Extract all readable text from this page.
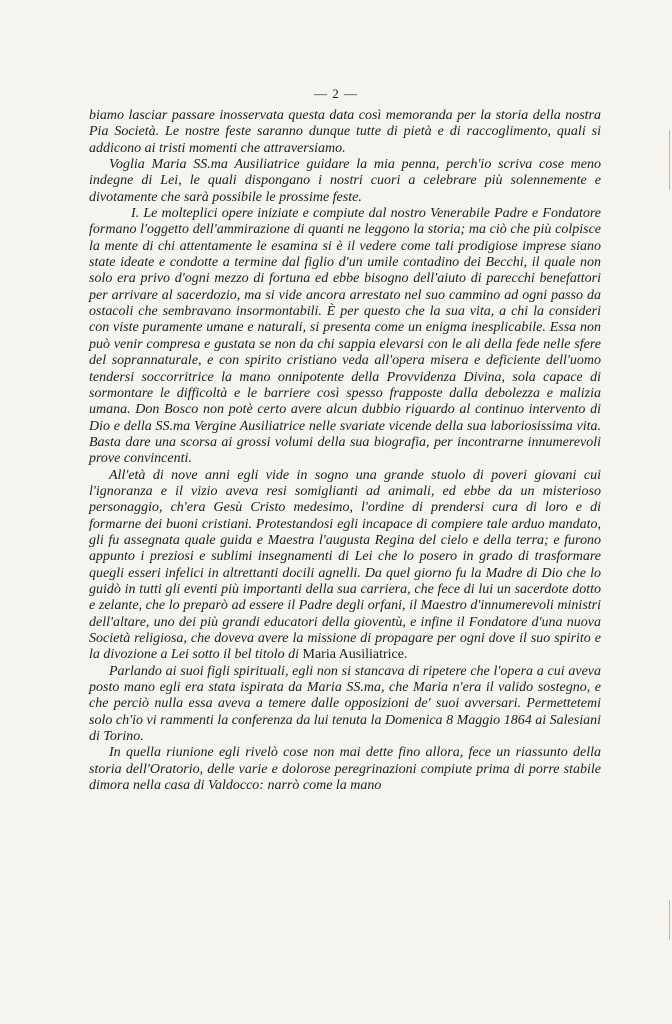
— 2 —

biamo lasciar passare inosservata questa data così memoranda per la storia della nostra Pia Società. Le nostre feste saranno dunque tutte di pietà e di raccoglimento, quali si addicono ai tristi momenti che attraversiamo.

Voglia Maria SS.ma Ausiliatrice guidare la mia penna, perch'io scriva cose meno indegne di Lei, le quali dispongano i nostri cuori a celebrare più solennemente e divotamente che sarà possibile le prossime feste.

I. Le molteplici opere iniziate e compiute dal nostro Venerabile Padre e Fondatore formano l'oggetto dell'ammirazione di quanti ne leggono la storia; ma ciò che più colpisce la mente di chi attentamente le esamina si è il vedere come tali prodigiose imprese siano state ideate e condotte a termine dal figlio d'un umile contadino dei Becchi, il quale non solo era privo d'ogni mezzo di fortuna ed ebbe bisogno dell'aiuto di parecchi benefattori per arrivare al sacerdozio, ma si vide ancora arrestato nel suo cammino ad ogni passo da ostacoli che sembravano insormontabili. È per questo che la sua vita, a chi la consideri con viste puramente umane e naturali, si presenta come un enigma inesplicabile. Essa non può venir compresa e gustata se non da chi sappia elevarsi con le ali della fede nelle sfere del soprannaturale, e con spirito cristiano veda all'opera misera e deficiente dell'uomo tendersi soccorritrice la mano onnipotente della Provvidenza Divina, sola capace di sormontare le difficoltà e le barriere così spesso frapposte dalla debolezza e malizia umana. Don Bosco non potè certo avere alcun dubbio riguardo al continuo intervento di Dio e della SS.ma Vergine Ausiliatrice nelle svariate vicende della sua laboriosissima vita. Basta dare una scorsa ai grossi volumi della sua biografia, per incontrarne innumerevoli prove convincenti.

All'età di nove anni egli vide in sogno una grande stuolo di poveri giovani cui l'ignoranza e il vizio aveva resi somiglianti ad animali, ed ebbe da un misterioso personaggio, ch'era Gesù Cristo medesimo, l'ordine di prendersi cura di loro e di formarne dei buoni cristiani. Protestandosi egli incapace di compiere tale arduo mandato, gli fu assegnata quale guida e Maestra l'augusta Regina del cielo e della terra; e furono appunto i preziosi e sublimi insegnamenti di Lei che lo posero in grado di trasformare quegli esseri infelici in altrettanti docili agnelli. Da quel giorno fu la Madre di Dio che lo guidò in tutti gli eventi più importanti della sua carriera, che fece di lui un sacerdote dotto e zelante, che lo preparò ad essere il Padre degli orfani, il Maestro d'innumerevoli ministri dell'altare, uno dei più grandi educatori della gioventù, e infine il Fondatore d'una nuova Società religiosa, che doveva avere la missione di propagare per ogni dove il suo spirito e la divozione a Lei sotto il bel titolo di Maria Ausiliatrice.

Parlando ai suoi figli spirituali, egli non si stancava di ripetere che l'opera a cui aveva posto mano egli era stata ispirata da Maria SS.ma, che Maria n'era il valido sostegno, e che perciò nulla essa aveva a temere dalle opposizioni de' suoi avversari. Permettetemi solo ch'io vi rammenti la conferenza da lui tenuta la Domenica 8 Maggio 1864 ai Salesiani di Torino.

In quella riunione egli rivelò cose non mai dette fino allora, fece un riassunto della storia dell'Oratorio, delle varie e dolorose peregrinazioni compiute prima di porre stabile dimora nella casa di Valdocco: narrò come la mano
